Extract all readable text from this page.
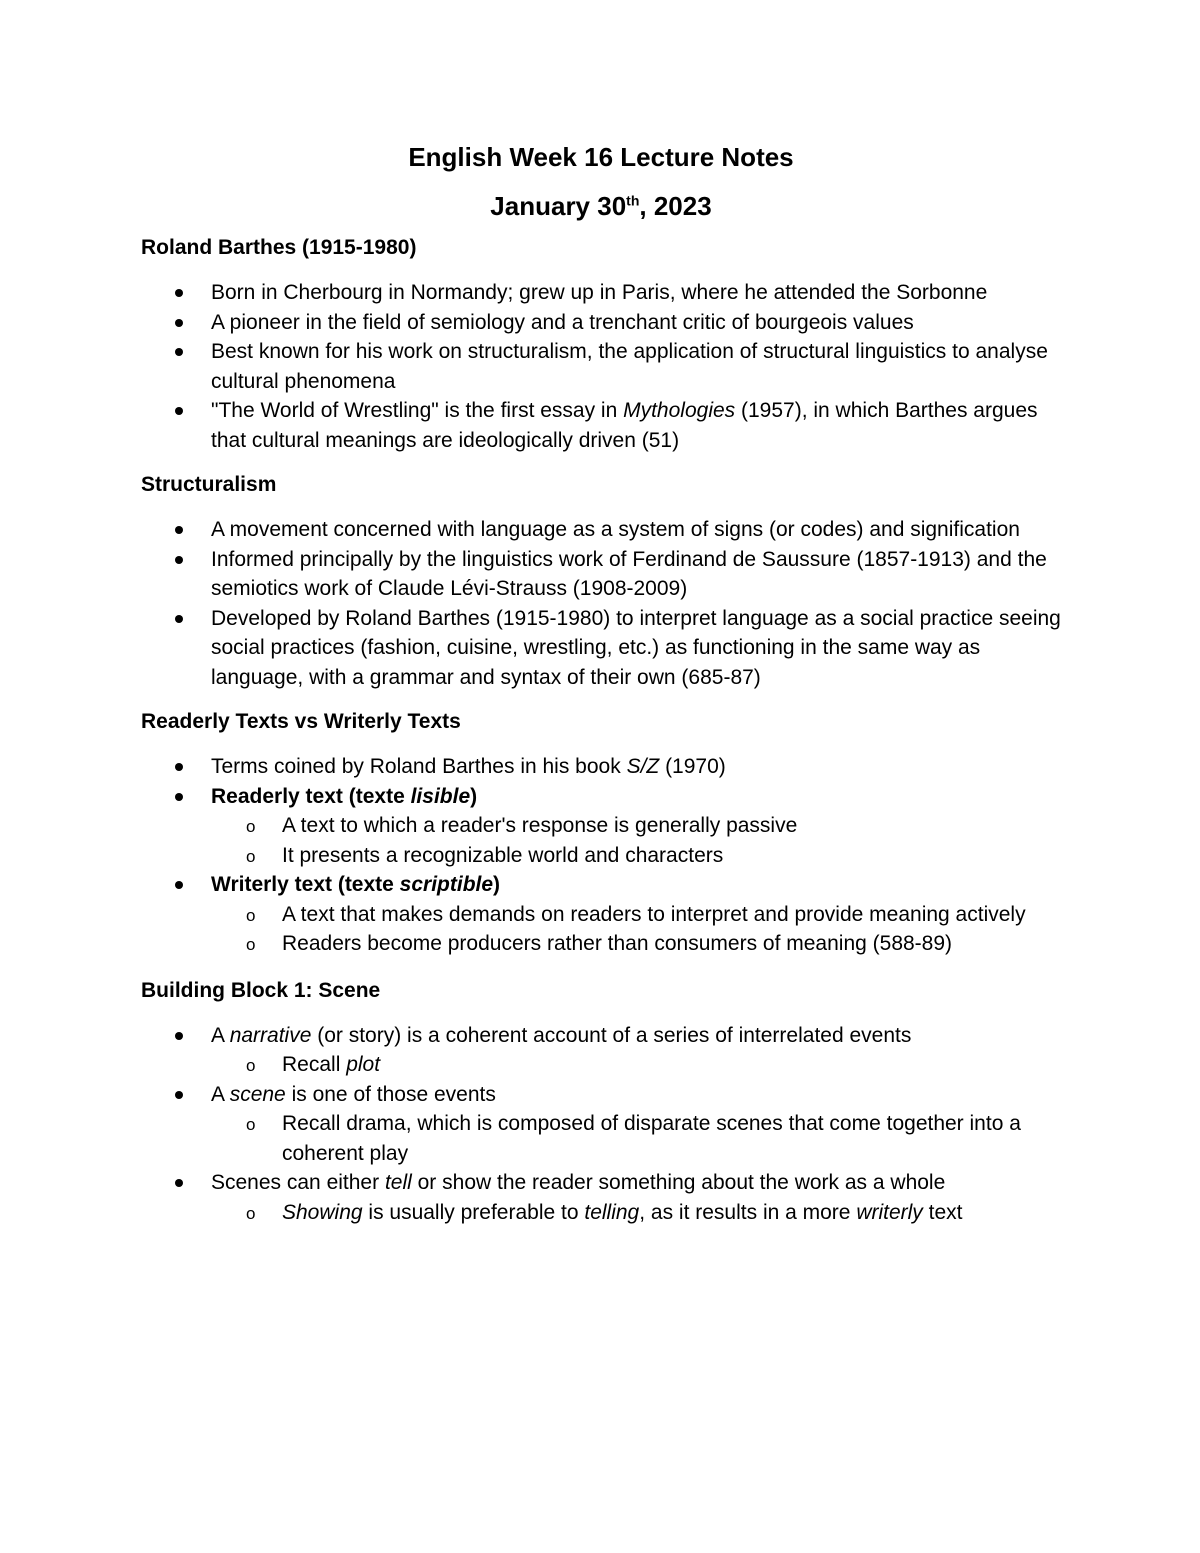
English Week 16 Lecture Notes
January 30th, 2023
Roland Barthes (1915-1980)
Born in Cherbourg in Normandy; grew up in Paris, where he attended the Sorbonne
A pioneer in the field of semiology and a trenchant critic of bourgeois values
Best known for his work on structuralism, the application of structural linguistics to analyse cultural phenomena
"The World of Wrestling" is the first essay in Mythologies (1957), in which Barthes argues that cultural meanings are ideologically driven (51)
Structuralism
A movement concerned with language as a system of signs (or codes) and signification
Informed principally by the linguistics work of Ferdinand de Saussure (1857-1913) and the semiotics work of Claude Lévi-Strauss (1908-2009)
Developed by Roland Barthes (1915-1980) to interpret language as a social practice seeing social practices (fashion, cuisine, wrestling, etc.) as functioning in the same way as language, with a grammar and syntax of their own (685-87)
Readerly Texts vs Writerly Texts
Terms coined by Roland Barthes in his book S/Z (1970)
Readerly text (texte lisible)
o A text to which a reader's response is generally passive
o It presents a recognizable world and characters
Writerly text (texte scriptible)
o A text that makes demands on readers to interpret and provide meaning actively
o Readers become producers rather than consumers of meaning (588-89)
Building Block 1: Scene
A narrative (or story) is a coherent account of a series of interrelated events
o Recall plot
A scene is one of those events
o Recall drama, which is composed of disparate scenes that come together into a coherent play
Scenes can either tell or show the reader something about the work as a whole
o Showing is usually preferable to telling, as it results in a more writerly text
